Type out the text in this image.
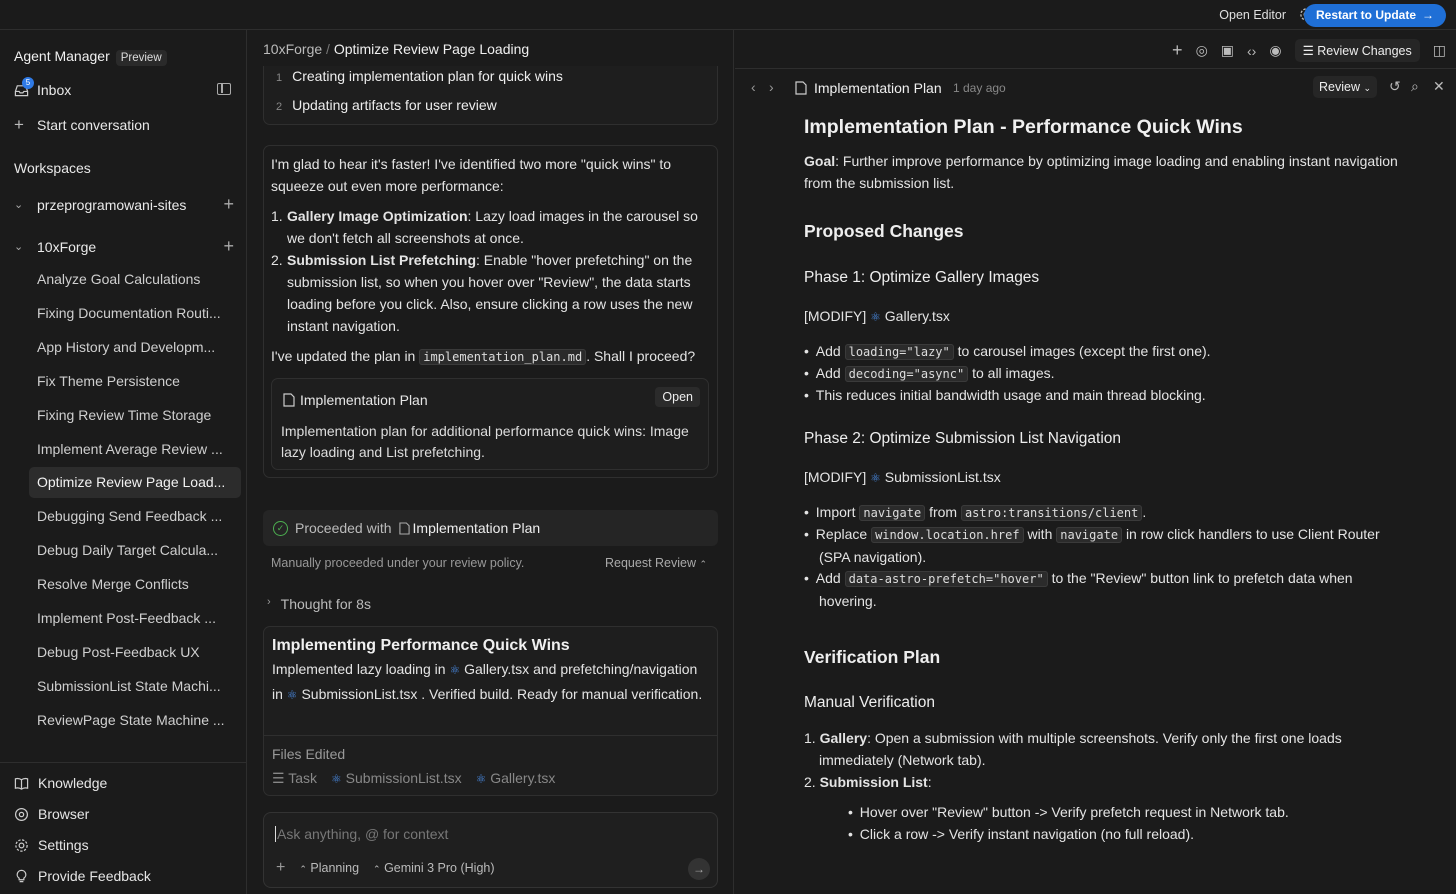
Open Editor Restart to Update →
Agent Manager Preview
5 Inbox
+ Start conversation
Workspaces
⌄ przeprogramowani-sites +
⌄ 10xForge	+
Analyze Goal Calculations
Fixing Documentation Routi...
App History and Developm...
Fix Theme Persistence
Fixing Review Time Storage
Implement Average Review ...
Optimize Review Page Load...
Debugging Send Feedback ...
Debug Daily Target Calcula...
Resolve Merge Conflicts
Implement Post-Feedback ...
Debug Post-Feedback UX
SubmissionList State Machi...
ReviewPage State Machine ...
Knowledge
Browser
Settings
Provide Feedback
10xForge / Optimize Review Page Loading
1 Creating implementation plan for quick wins
2 Updating artifacts for user review
I'm glad to hear it's faster! I've identified two more "quick wins" to squeeze out even more performance:
1. Gallery Image Optimization: Lazy load images in the carousel so we don't fetch all screenshots at once.
2. Submission List Prefetching: Enable "hover prefetching" on the submission list, so when you hover over "Review", the data starts loading before you click. Also, ensure clicking a row uses the new instant navigation.
I've updated the plan in implementation_plan.md . Shall I proceed?
Implementation Plan	Open
Implementation plan for additional performance quick wins: Image lazy loading and List prefetching.
✓ Proceeded with Implementation Plan
Manually proceeded under your review policy.	Request Review ⌃
› Thought for 8s
Implementing Performance Quick Wins
Implemented lazy loading in ⚛ Gallery.tsx and prefetching/navigation in ⚛ SubmissionList.tsx . Verified build. Ready for manual verification.
Files Edited
☰ Task ⚛ SubmissionList.tsx ⚛ Gallery.tsx
Ask anything, @ for context
+ ⌃ Planning ⌃ Gemini 3 Pro (High)	→
+ ◎ ▣ ‹› ◉	☰ Review Changes	◫
‹ ›	Implementation Plan 1 day ago	Review ⌄	↺ ⌕ ✕
Implementation Plan - Performance Quick Wins

Goal: Further improve performance by optimizing image loading and enabling instant navigation from the submission list.

Proposed Changes
Phase 1: Optimize Gallery Images

[MODIFY] ⚛ Gallery.tsx

• Add loading="lazy" to carousel images (except the first one).
• Add decoding="async" to all images.
• This reduces initial bandwidth usage and main thread blocking.
Phase 2: Optimize Submission List Navigation

[MODIFY] ⚛ SubmissionList.tsx

• Import navigate from astro:transitions/client .
• Replace window.location.href with navigate in row click handlers to use Client Router (SPA navigation).
• Add data-astro-prefetch="hover" to the "Review" button link to prefetch data when hovering.
Verification Plan
Manual Verification
1. Gallery: Open a submission with multiple screenshots. Verify only the first one loads immediately (Network tab).
2. Submission List:
• Hover over "Review" button -> Verify prefetch request in Network tab.
• Click a row -> Verify instant navigation (no full reload).
